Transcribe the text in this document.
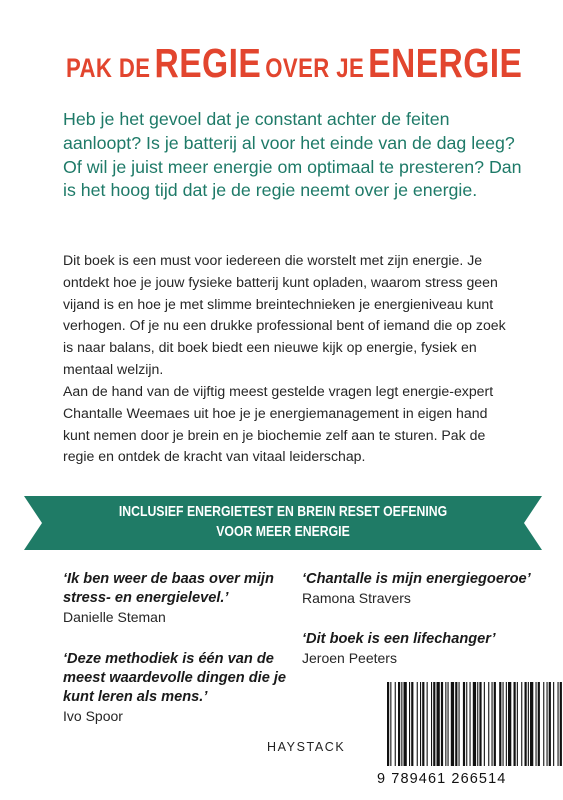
PAK DE REGIE OVER JE ENERGIE
Heb je het gevoel dat je constant achter de feiten aanloopt? Is je batterij al voor het einde van de dag leeg? Of wil je juist meer energie om optimaal te presteren? Dan is het hoog tijd dat je de regie neemt over je energie.
Dit boek is een must voor iedereen die worstelt met zijn energie. Je ontdekt hoe je jouw fysieke batterij kunt opladen, waarom stress geen vijand is en hoe je met slimme breintechnieken je energieniveau kunt verhogen. Of je nu een drukke professional bent of iemand die op zoek is naar balans, dit boek biedt een nieuwe kijk op energie, fysiek en mentaal welzijn.
Aan de hand van de vijftig meest gestelde vragen legt energie-expert Chantalle Weemaes uit hoe je je energiemanagement in eigen hand kunt nemen door je brein en je biochemie zelf aan te sturen. Pak de regie en ontdek de kracht van vitaal leiderschap.
INCLUSIEF ENERGIETEST EN BREIN RESET OEFENING
VOOR MEER ENERGIE
‘Ik ben weer de baas over mijn stress- en energielevel.’
Danielle Steman
‘Deze methodiek is één van de meest waardevolle dingen die je kunt leren als mens.’
Ivo Spoor
‘Chantalle is mijn energiegoeroe’
Ramona Stravers
‘Dit boek is een lifechanger’
Jeroen Peeters
HAYSTACK
9 789461 266514
